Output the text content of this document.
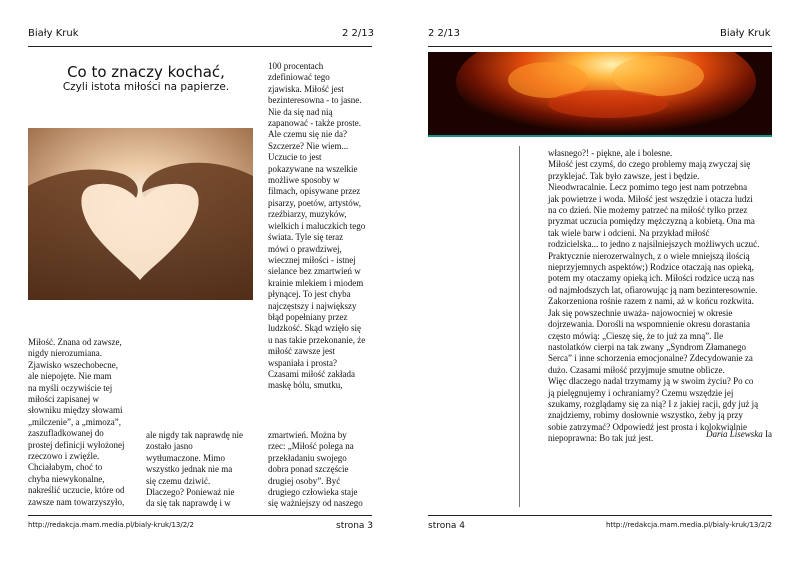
Biały Kruk	2 2/13
Co to znaczy kochać,
Czyli istota miłości na papierze.
Miłość. Znana od zawsze,
nigdy nierozumiana.
Zjawisko wszechobecne,
ale niepojęte. Nie mam
na myśli oczywiście tej
miłości zapisanej w
słowniku między słowami
„milczenie”, a „mimoza”,
zaszufladkowanej do
prostej definicji wyłożonej
rzeczowo i zwięźle.
Chciałabym, choć to
chyba niewykonalne,
nakreślić uczucie, które od
zawsze nam towarzyszyło,
ale nigdy tak naprawdę nie
zostało jasno
wytłumaczone. Mimo
wszystko jednak nie ma
się czemu dziwić.
Dlaczego? Ponieważ nie
da się tak naprawdę i w
100 procentach
zdefiniować tego
zjawiska. Miłość jest
bezinteresowna - to jasne.
Nie da się nad nią
zapanować - także proste.
Ale czemu się nie da?
Szczerze? Nie wiem...
Uczucie to jest
pokazywane na wszelkie
możliwe sposoby w
filmach, opisywane przez
pisarzy, poetów, artystów,
rzeźbiarzy, muzyków,
wielkich i maluczkich tego
świata. Tyle się teraz
mówi o prawdziwej,
wiecznej miłości - istnej
sielance bez zmartwień w
krainie mlekiem i miodem
płynącej. To jest chyba
najczęstszy i największy
błąd popełniany przez
ludzkość. Skąd wzięło się
u nas takie przekonanie, że
miłość zawsze jest
wspaniała i prosta?
Czasami miłość zakłada
maskę bólu, smutku,
zmartwień. Można by
rzec: „Miłość polega na
przekładaniu swojego
dobra ponad szczęście
drugiej osoby”. Być
drugiego człowieka staje
się ważniejszy od naszego
http://redakcja.mam.media.pl/bialy-kruk/13/2/2	strona 3
2 2/13	Biały Kruk
własnego?! - piękne, ale i bolesne.
Miłość jest czymś, do czego problemy mają zwyczaj się
przyklejać. Tak było zawsze, jest i będzie.
Nieodwracalnie. Lecz pomimo tego jest nam potrzebna
jak powietrze i woda. Miłość jest wszędzie i otacza ludzi
na co dzień. Nie możemy patrzeć na miłość tylko przez
pryzmat uczucia pomiędzy mężczyzną a kobietą. Ona ma
tak wiele barw i odcieni. Na przykład miłość
rodzicielska... to jedno z najsilniejszych możliwych uczuć.
Praktycznie nierozerwalnych, z o wiele mniejszą ilością
nieprzyjemnych aspektów;) Rodzice otaczają nas opieką,
potem my otaczamy opieką ich. Miłości rodzice uczą nas
od najmłodszych lat, ofiarowując ją nam bezinteresownie.
Zakorzeniona rośnie razem z nami, aż w końcu rozkwita.
Jak się powszechnie uważa- najowocniej w okresie
dojrzewania. Dorośli na wspomnienie okresu dorastania
często mówią: „Cieszę się, że to już za mną”. Ile
nastolatków cierpi na tak zwany „Syndrom Złamanego
Serca” i inne schorzenia emocjonalne? Zdecydowanie za
dużo. Czasami miłość przyjmuje smutne oblicze.
Więc dlaczego nadal trzymamy ją w swoim życiu? Po co
ją pielęgnujemy i ochraniamy? Czemu wszędzie jej
szukamy, rozglądamy się za nią? I z jakiej racji, gdy już ją
znajdziemy, robimy dosłownie wszystko, żeby ją przy
sobie zatrzymać? Odpowiedź jest prosta i kolokwialnie
niepoprawna: Bo tak już jest.	Daria Lisewska Ia
strona 4	http://redakcja.mam.media.pl/bialy-kruk/13/2/2
